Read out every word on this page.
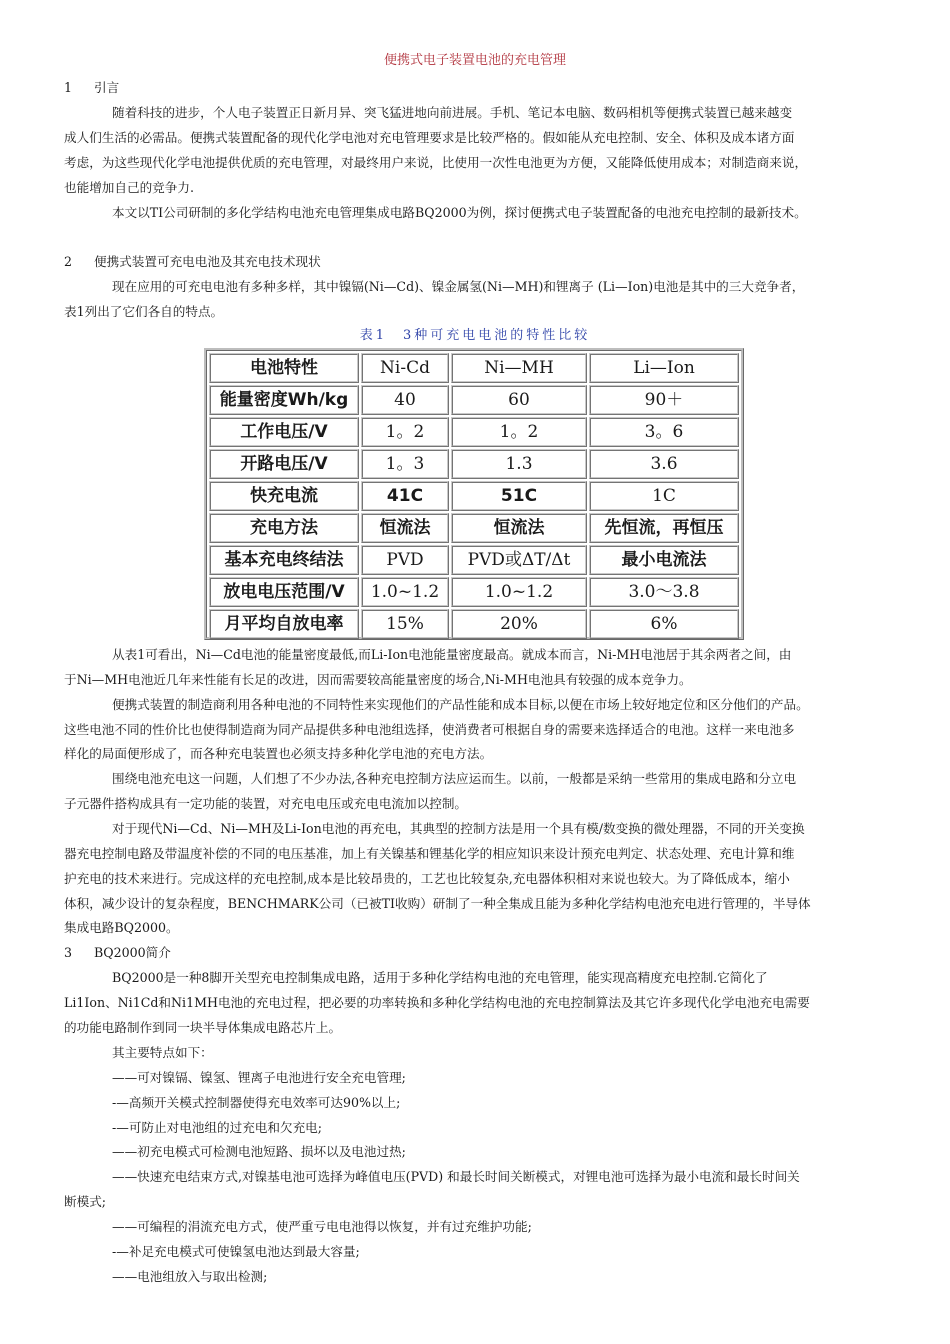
便携式电子装置电池的充电管理
1 引言
随着科技的进步，个人电子装置正日新月异、突飞猛进地向前进展。手机、笔记本电脑、数码相机等便携式装置已越来越变
成人们生活的必需品。便携式装置配备的现代化学电池对充电管理要求是比较严格的。假如能从充电控制、安全、体积及成本诸方面
考虑，为这些现代化学电池提供优质的充电管理，对最终用户来说，比使用一次性电池更为方便，又能降低使用成本；对制造商来说，
也能增加自己的竞争力.
本文以TI公司研制的多化学结构电池充电管理集成电路BQ2000为例，探讨便携式电子装置配备的电池充电控制的最新技术。
2 便携式装置可充电电池及其充电技术现状
现在应用的可充电电池有多种多样，其中镍镉(Ni—Cd)、镍金属氢(Ni—MH)和锂离子 (Li—Ion)电池是其中的三大竞争者，
表1列出了它们各自的特点。
表1　3种可充电电池的特性比较
电池特性	Ni-Cd	Ni—MH	Li—Ion
能量密度Wh/kg	40	60	90＋
工作电压/V	1。2	1。2	3。6
开路电压/V	1。3	1.3	3.6
快充电流	41C	51C	1C
充电方法	恒流法	恒流法	先恒流，再恒压
基本充电终结法	PVD	PVD或ΔT/Δt	最小电流法
放电电压范围/V	1.0~1.2	1.0~1.2	3.0～3.8
月平均自放电率	15%	20%	6%
从表1可看出，Ni—Cd电池的能量密度最低,而Li-Ion电池能量密度最高。就成本而言，Ni-MH电池居于其余两者之间，由
于Ni—MH电池近几年来性能有长足的改进，因而需要较高能量密度的场合,Ni-MH电池具有较强的成本竞争力。
便携式装置的制造商利用各种电池的不同特性来实现他们的产品性能和成本目标,以便在市场上较好地定位和区分他们的产品。
这些电池不同的性价比也使得制造商为同产品提供多种电池组选择，使消费者可根据自身的需要来选择适合的电池。这样一来电池多
样化的局面便形成了，而各种充电装置也必须支持多种化学电池的充电方法。
围绕电池充电这一问题，人们想了不少办法,各种充电控制方法应运而生。以前，一般都是采纳一些常用的集成电路和分立电
子元器件搭构成具有一定功能的装置，对充电电压或充电电流加以控制。
对于现代Ni—Cd、Ni—MH及Li-Ion电池的再充电，其典型的控制方法是用一个具有模/数变换的微处理器，不同的开关变换
器充电控制电路及带温度补偿的不同的电压基准，加上有关镍基和锂基化学的相应知识来设计预充电判定、状态处理、充电计算和维
护充电的技术来进行。完成这样的充电控制,成本是比较昂贵的，工艺也比较复杂,充电器体积相对来说也较大。为了降低成本，缩小
体积，减少设计的复杂程度，BENCHMARK公司（已被TI收购）研制了一种全集成且能为多种化学结构电池充电进行管理的，半导体
集成电路BQ2000。
3 BQ2000简介
BQ2000是一种8脚开关型充电控制集成电路，适用于多种化学结构电池的充电管理，能实现高精度充电控制.它简化了
Li1Ion、Ni1Cd和Ni1MH电池的充电过程，把必要的功率转换和多种化学结构电池的充电控制算法及其它许多现代化学电池充电需要
的功能电路制作到同一块半导体集成电路芯片上。
其主要特点如下：
——可对镍镉、镍氢、锂离子电池进行安全充电管理;
-—高频开关模式控制器使得充电效率可达90%以上;
-—可防止对电池组的过充电和欠充电;
——初充电模式可检测电池短路、损坏以及电池过热;
——快速充电结束方式,对镍基电池可选择为峰值电压(PVD) 和最长时间关断模式，对锂电池可选择为最小电流和最长时间关
断模式;
——可编程的涓流充电方式，使严重亏电电池得以恢复，并有过充维护功能;
-—补足充电模式可使镍氢电池达到最大容量;
——电池组放入与取出检测;
